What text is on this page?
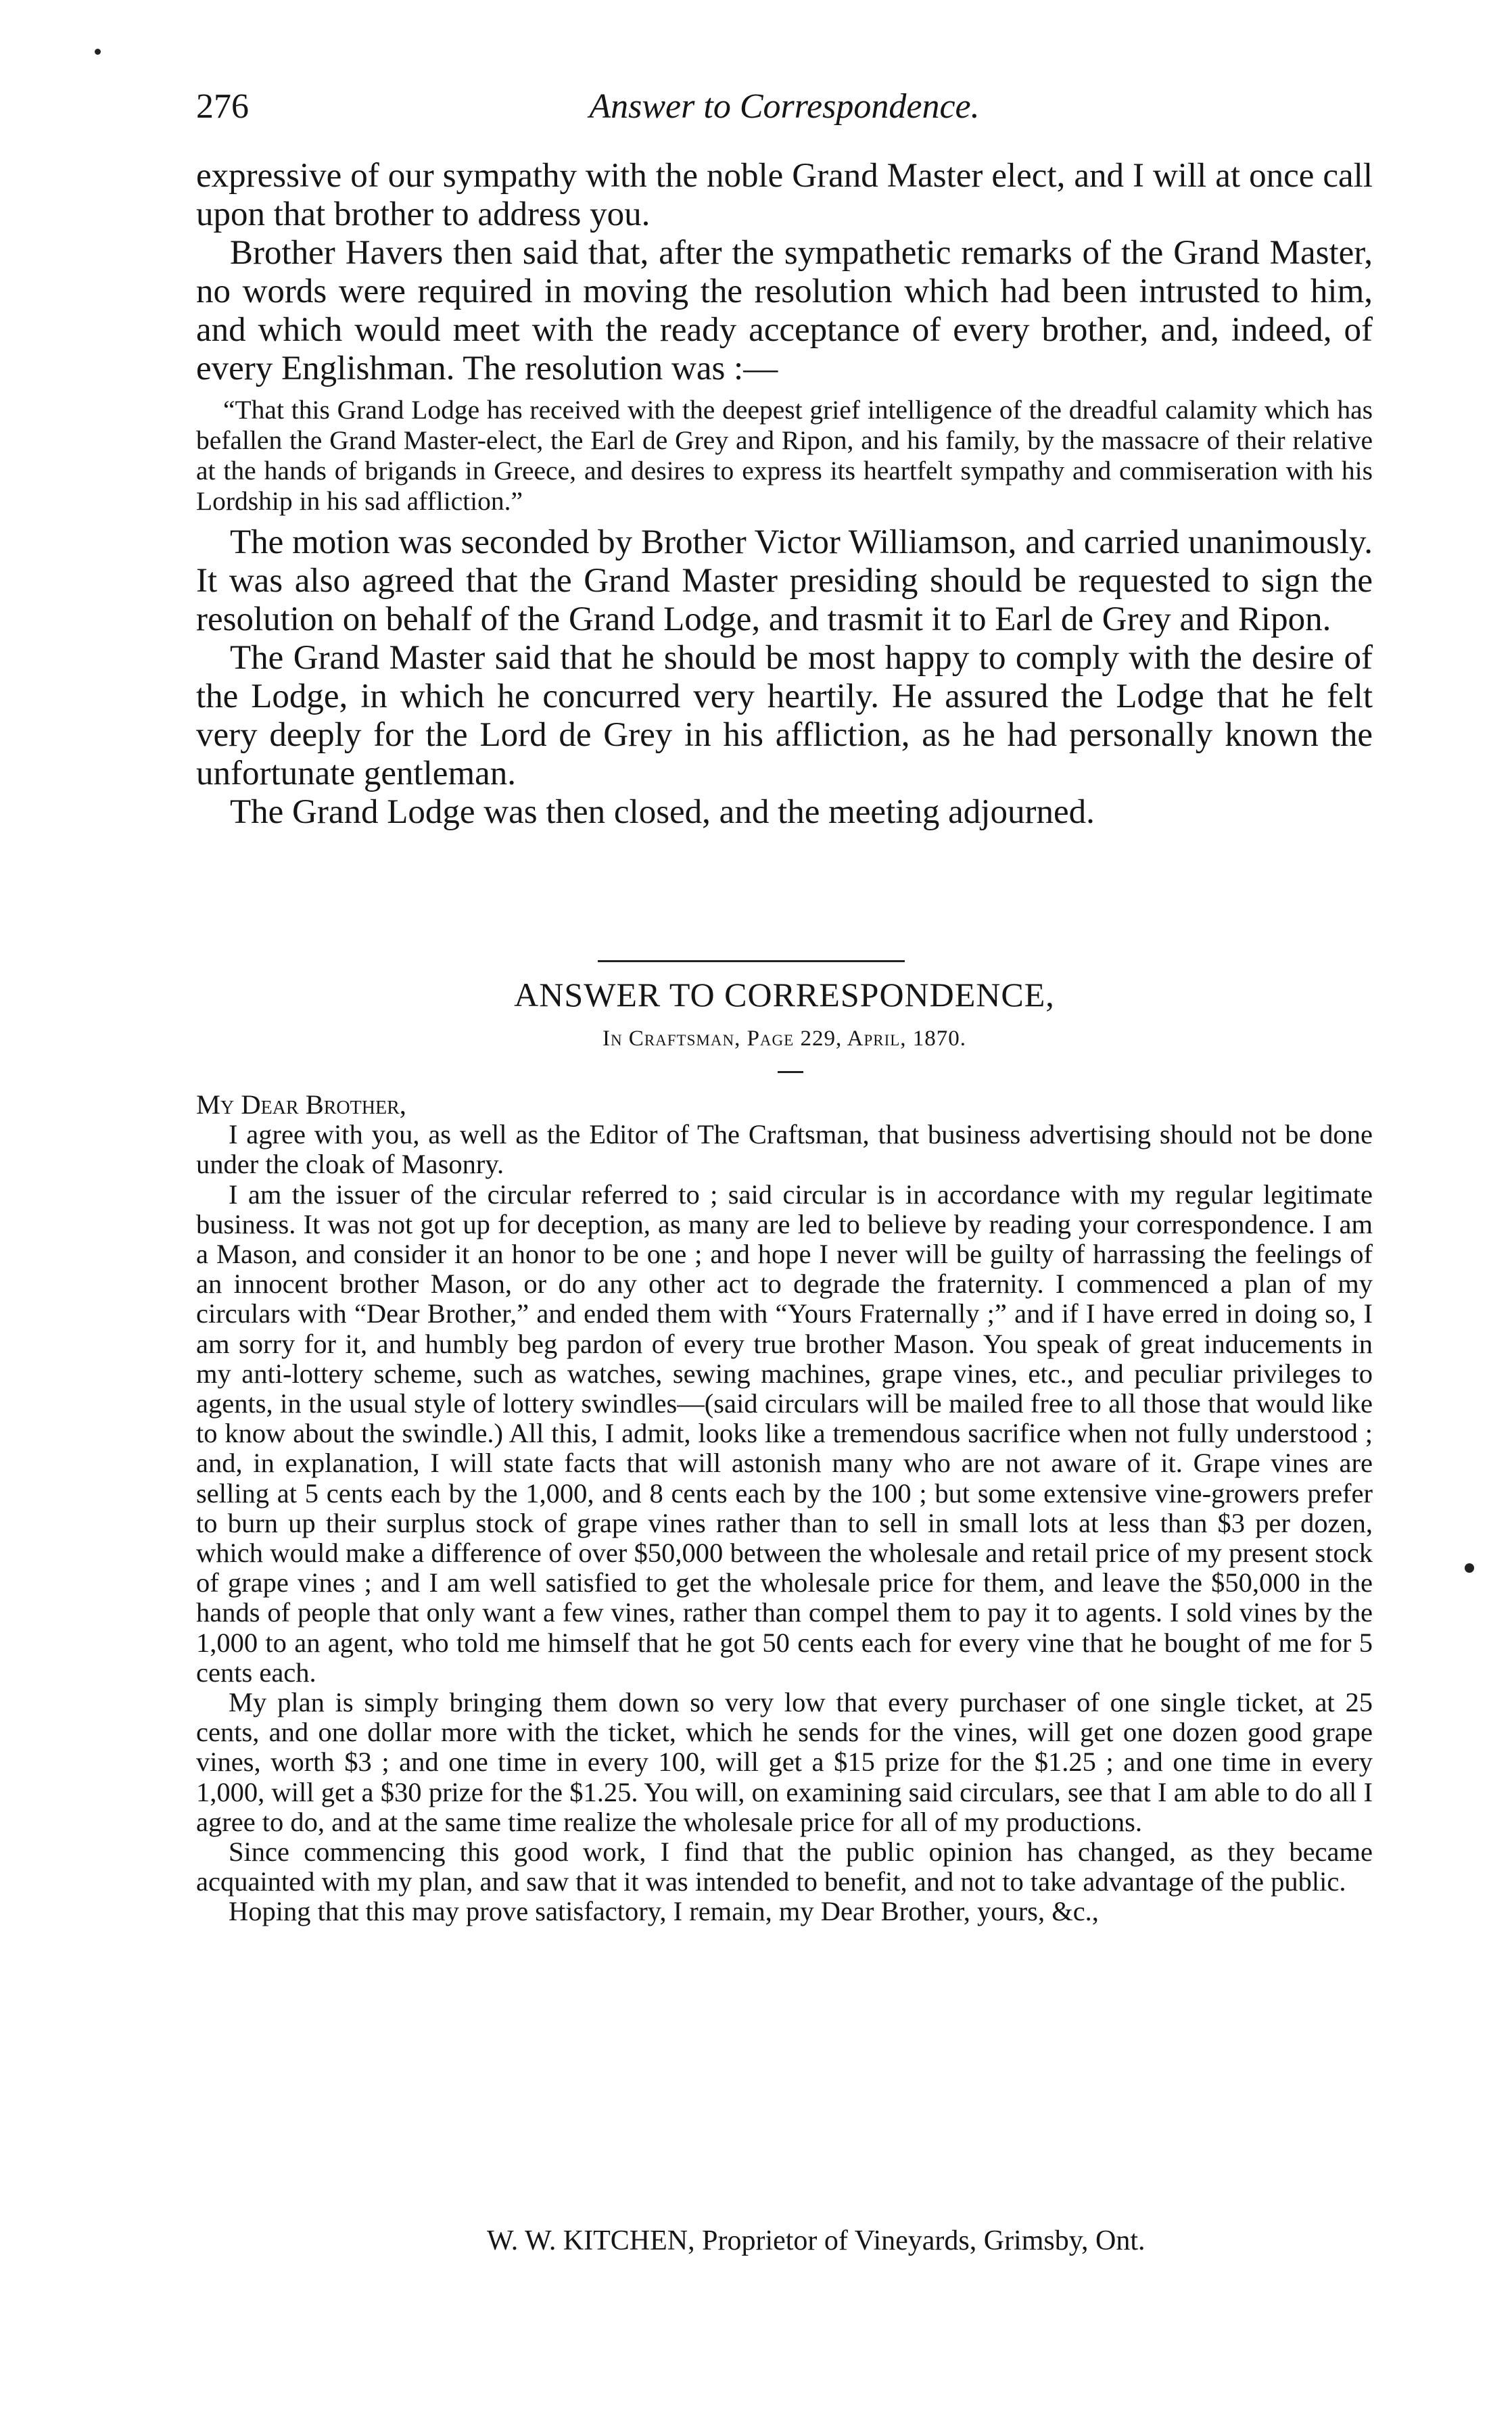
276	Answer to Correspondence.

expressive of our sympathy with the noble Grand Master elect, and I will at once call upon that brother to address you.

Brother Havers then said that, after the sympathetic remarks of the Grand Master, no words were required in moving the resolution which had been intrusted to him, and which would meet with the ready acceptance of every brother, and, indeed, of every Englishman. The resolution was :—

“That this Grand Lodge has received with the deepest grief intelligence of the dreadful calamity which has befallen the Grand Master-elect, the Earl de Grey and Ripon, and his family, by the massacre of their relative at the hands of brigands in Greece, and desires to express its heartfelt sympathy and commiseration with his Lordship in his sad affliction.”

The motion was seconded by Brother Victor Williamson, and carried unanimously. It was also agreed that the Grand Master presiding should be requested to sign the resolution on behalf of the Grand Lodge, and trasmit it to Earl de Grey and Ripon.

The Grand Master said that he should be most happy to comply with the desire of the Lodge, in which he concurred very heartily. He assured the Lodge that he felt very deeply for the Lord de Grey in his affliction, as he had personally known the unfortunate gentleman.

The Grand Lodge was then closed, and the meeting adjourned.

ANSWER TO CORRESPONDENCE,
In Craftsman, Page 229, April, 1870.

My Dear Brother,

I agree with you, as well as the Editor of The Craftsman, that business advertising should not be done under the cloak of Masonry.

I am the issuer of the circular referred to ; said circular is in accordance with my regular legitimate business. It was not got up for deception, as many are led to believe by reading your correspondence. I am a Mason, and consider it an honor to be one ; and hope I never will be guilty of harrassing the feelings of an innocent brother Mason, or do any other act to degrade the fraternity. I commenced a plan of my circulars with “Dear Brother,” and ended them with “Yours Fraternally ;” and if I have erred in doing so, I am sorry for it, and humbly beg pardon of every true brother Mason. You speak of great inducements in my anti-lottery scheme, such as watches, sewing machines, grape vines, etc., and peculiar privileges to agents, in the usual style of lottery swindles—(said circulars will be mailed free to all those that would like to know about the swindle.) All this, I admit, looks like a tremendous sacrifice when not fully understood ; and, in explanation, I will state facts that will astonish many who are not aware of it. Grape vines are selling at 5 cents each by the 1,000, and 8 cents each by the 100 ; but some extensive vine-growers prefer to burn up their surplus stock of grape vines rather than to sell in small lots at less than $3 per dozen, which would make a difference of over $50,000 between the wholesale and retail price of my present stock of grape vines ; and I am well satisfied to get the wholesale price for them, and leave the $50,000 in the hands of people that only want a few vines, rather than compel them to pay it to agents. I sold vines by the 1,000 to an agent, who told me himself that he got 50 cents each for every vine that he bought of me for 5 cents each.

My plan is simply bringing them down so very low that every purchaser of one single ticket, at 25 cents, and one dollar more with the ticket, which he sends for the vines, will get one dozen good grape vines, worth $3 ; and one time in every 100, will get a $15 prize for the $1.25 ; and one time in every 1,000, will get a $30 prize for the $1.25. You will, on examining said circulars, see that I am able to do all I agree to do, and at the same time realize the wholesale price for all of my productions.

Since commencing this good work, I find that the public opinion has changed, as they became acquainted with my plan, and saw that it was intended to benefit, and not to take advantage of the public.

Hoping that this may prove satisfactory, I remain, my Dear Brother, yours, &c.,

W. W. KITCHEN, Proprietor of Vineyards, Grimsby, Ont.
